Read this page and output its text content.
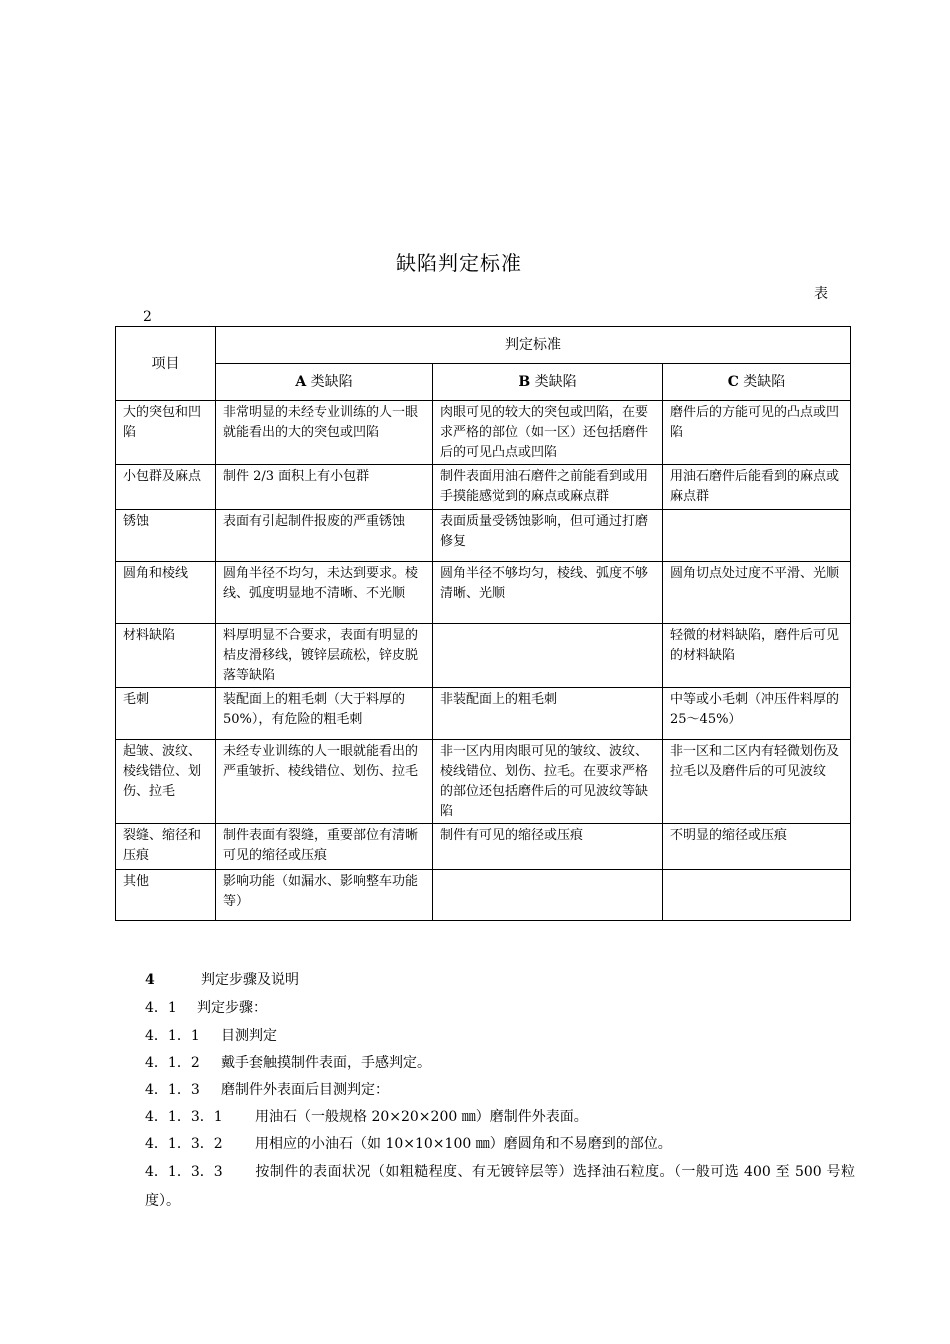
缺陷判定标准
表
2
项目	判定标准		
	A 类缺陷	B 类缺陷	C 类缺陷
大的突包和凹陷	非常明显的未经专业训练的人一眼就能看出的大的突包或凹陷	肉眼可见的较大的突包或凹陷，在要求严格的部位（如一区）还包括磨件后的可见凸点或凹陷	磨件后的方能可见的凸点或凹陷
小包群及麻点	制件 2/3 面积上有小包群	制件表面用油石磨件之前能看到或用手摸能感觉到的麻点或麻点群	用油石磨件后能看到的麻点或麻点群
锈蚀	表面有引起制件报废的严重锈蚀	表面质量受锈蚀影响，但可通过打磨修复	
圆角和棱线	圆角半径不均匀，未达到要求。棱线、弧度明显地不清晰、不光顺	圆角半径不够均匀，棱线、弧度不够清晰、光顺	圆角切点处过度不平滑、光顺
材料缺陷	料厚明显不合要求，表面有明显的桔皮滑移线，镀锌层疏松，锌皮脱落等缺陷		轻微的材料缺陷，磨件后可见的材料缺陷
毛刺	装配面上的粗毛刺（大于料厚的 50%），有危险的粗毛刺	非装配面上的粗毛刺	中等或小毛刺（冲压件料厚的 25～45%）
起皱、波纹、棱线错位、划伤、拉毛	未经专业训练的人一眼就能看出的严重皱折、棱线错位、划伤、拉毛	非一区内用肉眼可见的皱纹、波纹、棱线错位、划伤、拉毛。在要求严格的部位还包括磨件后的可见波纹等缺陷	非一区和二区内有轻微划伤及拉毛以及磨件后的可见波纹
裂缝、缩径和压痕	制件表面有裂缝，重要部位有清晰可见的缩径或压痕	制件有可见的缩径或压痕	不明显的缩径或压痕
其他	影响功能（如漏水、影响整车功能等）		
4	判定步骤及说明
4．1 判定步骤：
4．1．1 目测判定
4．1．2 戴手套触摸制件表面，手感判定。
4．1．3 磨制件外表面后目测判定：
4．1．3．1 用油石（一般规格 20×20×200 ㎜）磨制件外表面。
4．1．3．2 用相应的小油石（如 10×10×100 ㎜）磨圆角和不易磨到的部位。
4．1．3．3 按制件的表面状况（如粗糙程度、有无镀锌层等）选择油石粒度。（一般可选 400 至 500 号粒度）。
